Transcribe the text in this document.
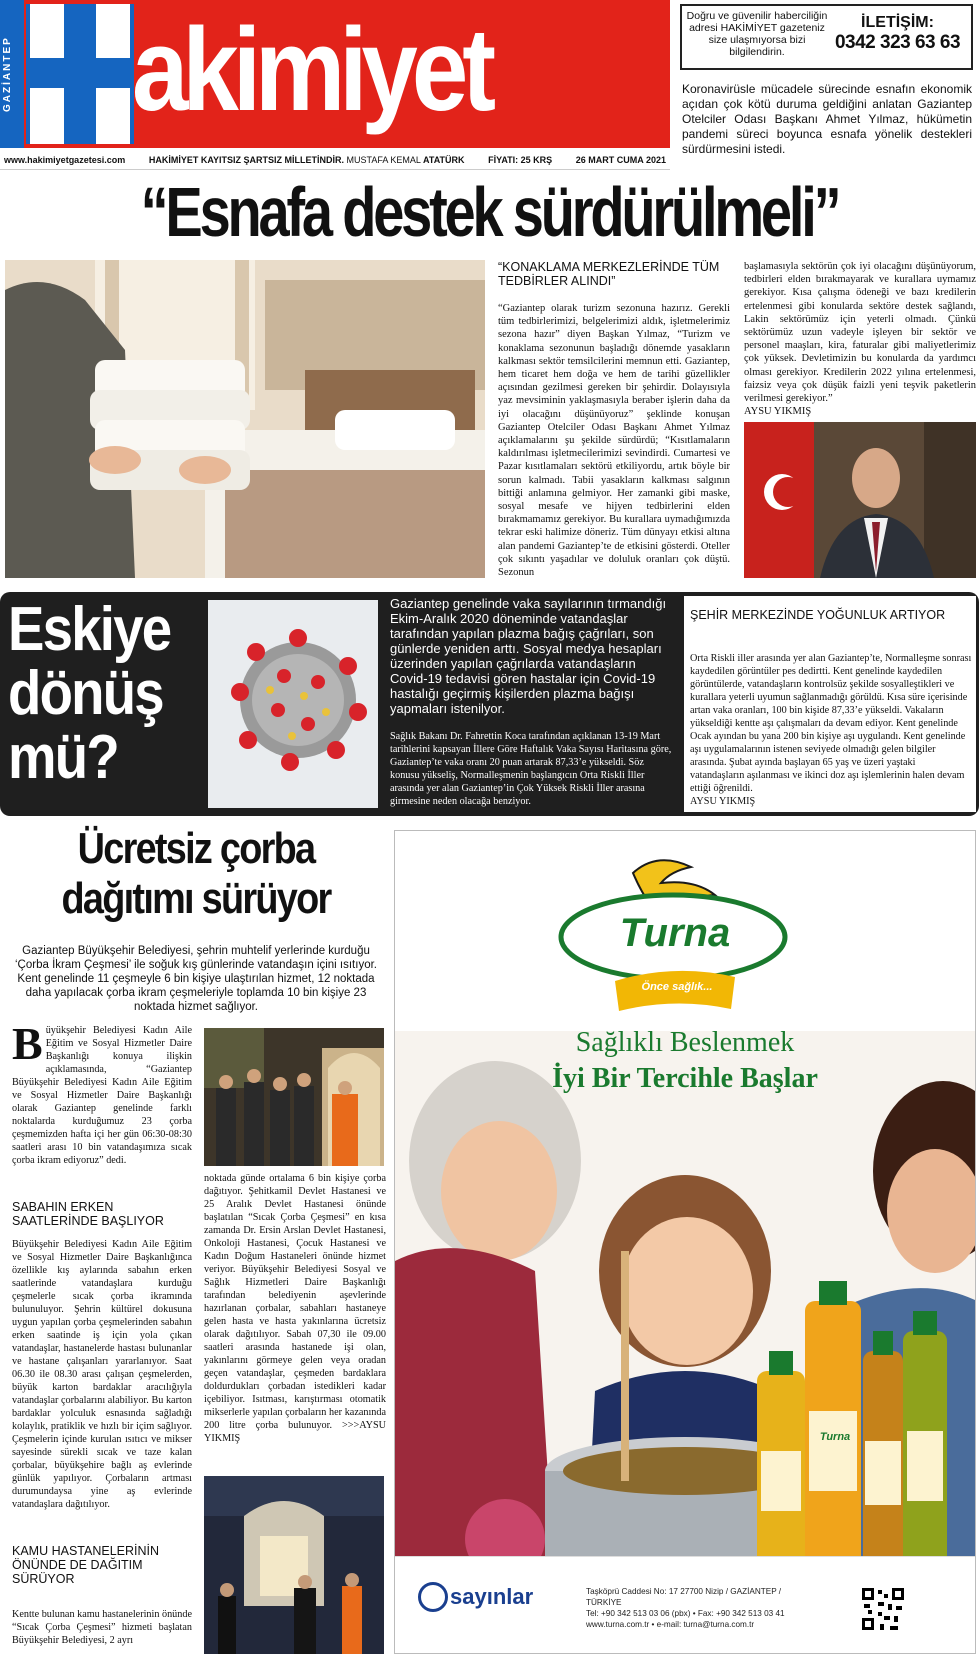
GAZİANTEP akimiyet	Doğru ve güvenilir haberciliğin adresi HAKİMİYET gazeteniz size ulaşmıyorsa bizi bilgilendirin.
İLETİŞİM:
0342 323 63 63
Koronavirüsle mücadele sürecinde esnafın ekonomik açıdan çok kötü duruma geldiğini anlatan Gaziantep Otelciler Odası Başkanı Ahmet Yılmaz, hükümetin pandemi süreci boyunca esnafa yönelik destekleri sürdürmesini istedi.
www.hakimiyetgazetesi.com	HAKİMİYET KAYITSIZ ŞARTSIZ MİLLETİNDİR. MUSTAFA KEMAL ATATÜRK	FİYATI: 25 KRŞ	26 MART CUMA 2021
“Esnafa destek sürdürülmeli”
“KONAKLAMA MERKEZLERİNDE TÜM TEDBİRLER ALINDI”
“Gaziantep olarak turizm sezonuna hazırız. Gerekli tüm tedbirlerimizi, belgelerimizi aldık, işletmelerimiz sezona hazır” diyen Başkan Yılmaz, “Turizm ve konaklama sezonunun başladığı dönemde yasakların kalkması sektör temsilcilerini memnun etti. Gaziantep, hem ticaret hem doğa ve hem de tarihi güzellikler açısından gezilmesi gereken bir şehirdir. Dolayısıyla yaz mevsiminin yaklaşmasıyla beraber işlerin daha da iyi olacağını düşünüyoruz” şeklinde konuşan Gaziantep Otelciler Odası Başkanı Ahmet Yılmaz açıklamalarını şu şekilde sürdürdü; “Kısıtlamaların kaldırılması işletmecilerimizi sevindirdi. Cumartesi ve Pazar kısıtlamaları sektörü etkiliyordu, artık böyle bir sorun kalmadı. Tabii yasakların kalkması salgının bittiği anlamına gelmiyor. Her zamanki gibi maske, sosyal mesafe ve hijyen tedbirlerini elden bırakmamamız gerekiyor. Bu kurallara uymadığımızda tekrar eski halimize döneriz. Tüm dünyayı etkisi altına alan pandemi Gaziantep’te de etkisini gösterdi. Oteller çok sıkıntı yaşadılar ve doluluk oranları çok düştü. Sezonun
başlamasıyla sektörün çok iyi olacağını düşünüyorum, tedbirleri elden bırakmayarak ve kurallara uymamız gerekiyor. Kısa çalışma ödeneği ve bazı kredilerin ertelenmesi gibi konularda sektöre destek sağlandı, Lakin sektörümüz için yeterli olmadı. Çünkü sektörümüz uzun vadeyle işleyen bir sektör ve personel maaşları, kira, faturalar gibi maliyetlerimiz çok yüksek. Devletimizin bu konularda da yardımcı olması gerekiyor. Kredilerin 2022 yılına ertelenmesi, faizsiz veya çok düşük faizli yeni teşvik paketlerin verilmesi gerekiyor.”
AYSU YIKMIŞ
Eskiye
dönüş
mü?
Gaziantep genelinde vaka sayılarının tırmandığı Ekim-Aralık 2020 döneminde vatandaşlar tarafından yapılan plazma bağış çağrıları, son günlerde yeniden arttı. Sosyal medya hesapları üzerinden yapılan çağrılarda vatandaşların Covid-19 tedavisi gören hastalar için Covid-19 hastalığı geçirmiş kişilerden plazma bağışı yapmaları istenilyor.
Sağlık Bakanı Dr. Fahrettin Koca tarafından açıklanan 13-19 Mart tarihlerini kapsayan İllere Göre Haftalık Vaka Sayısı Haritasına göre, Gaziantep’te vaka oranı 20 puan artarak 87,33’e yükseldi. Söz konusu yükseliş, Normalleşmenin başlangıcın Orta Riskli İller arasında yer alan Gaziantep’in Çok Yüksek Riskli İller arasına girmesine neden olacağa benziyor.
ŞEHİR MERKEZİNDE YOĞUNLUK ARTIYOR
Orta Riskli iller arasında yer alan Gaziantep’te, Normalleşme sonrası kaydedilen görüntüler pes dedirtti. Kent genelinde kaydedilen görüntülerde, vatandaşların kontrolsüz şekilde sosyalleştikleri ve kurallara yeterli uyumun sağlanmadığı görüldü. Kısa süre içerisinde artan vaka oranları, 100 bin kişide 87,33’e yükseldi. Vakaların yükseldiği kentte aşı çalışmaları da devam ediyor. Kent genelinde Ocak ayından bu yana 200 bin kişiye aşı uygulandı. Kent genelinde aşı uygulamalarının istenen seviyede olmadığı gelen bilgiler arasında. Şubat ayında başlayan 65 yaş ve üzeri yaştaki vatandaşların aşılanması ve ikinci doz aşı işlemlerinin halen devam ettiği öğrenildi.
AYSU YIKMIŞ
Ücretsiz çorba
dağıtımı sürüyor
Gaziantep Büyükşehir Belediyesi, şehrin muhtelif yerlerinde kurduğu ‘Çorba İkram Çeşmesi’ ile soğuk kış günlerinde vatandaşın içini ısıtıyor. Kent genelinde 11 çeşmeyle 6 bin kişiye ulaştırılan hizmet, 12 noktada daha yapılacak çorba ikram çeşmeleriyle toplamda 10 bin kişiye 23 noktada hizmet sağlıyor.
B üyükşehir Belediyesi Kadın Aile Eğitim ve Sosyal Hizmetler Daire Başkanlığı konuya ilişkin açıklamasında, “Gaziantep Büyükşehir Belediyesi Kadın Aile Eğitim ve Sosyal Hizmetler Daire Başkanlığı olarak Gaziantep genelinde farklı noktalarda kurduğumuz 23 çorba çeşmemizden hafta içi her gün 06:30-08:30 saatleri arası 10 bin vatandaşımıza sıcak çorba ikram ediyoruz” dedi.
SABAHIN ERKEN SAATLERİNDE BAŞLIYOR
Büyükşehir Belediyesi Kadın Aile Eğitim ve Sosyal Hizmetler Daire Başkanlığınca özellikle kış aylarında sabahın erken saatlerinde vatandaşlara kurduğu çeşmelerle sıcak çorba ikramında bulunuluyor. Şehrin kültürel dokusuna uygun yapılan çorba çeşmelerinden sabahın erken saatinde iş için yola çıkan vatandaşlar, hastanelerde hastası bulunanlar ve hastane çalışanları yararlanıyor. Saat 06.30 ile 08.30 arası çalışan çeşmelerden, büyük karton bardaklar aracılığıyla vatandaşlar çorbalarını alabiliyor. Bu karton bardaklar yolculuk esnasında sağladığı kolaylık, pratiklik ve hızlı bir içim sağlıyor. Çeşmelerin içinde kurulan ısıtıcı ve mikser sayesinde sürekli sıcak ve taze kalan çorbalar, büyükşehire bağlı aş evlerinde günlük yapılıyor. Çorbaların artması durumundaysa yine aş evlerinde vatandaşlara dağıtılıyor.
KAMU HASTANELERİNİN ÖNÜNDE DE DAĞITIM SÜRÜYOR
Kentte bulunan kamu hastanelerinin önünde “Sıcak Çorba Çeşmesi” hizmeti başlatan Büyükşehir Belediyesi, 2 ayrı
noktada günde ortalama 6 bin kişiye çorba dağıtıyor. Şehitkamil Devlet Hastanesi ve 25 Aralık Devlet Hastanesi önünde başlatılan “Sıcak Çorba Çeşmesi” en kısa zamanda Dr. Ersin Arslan Devlet Hastanesi, Onkoloji Hastanesi, Çocuk Hastanesi ve Kadın Doğum Hastaneleri önünde hizmet veriyor. Büyükşehir Belediyesi Sosyal ve Sağlık Hizmetleri Daire Başkanlığı tarafından belediyenin aşevlerinde hazırlanan çorbalar, sabahları hastaneye gelen hasta ve hasta yakınlarına ücretsiz olarak dağıtılıyor. Sabah 07,30 ile 09.00 saatleri arasında hastanede işi olan, yakınlarını görmeye gelen veya oradan geçen vatandaşlar, çeşmeden bardaklara doldurdukları çorbadan istedikleri kadar içebiliyor. Isıtması, karıştırması otomatik mikserlerle yapılan çorbaların her kazanında 200 litre çorba bulunuyor. >>>AYSU YIKMIŞ
Turna
Önce sağlık...
Sağlıklı Beslenmek
İyi Bir Tercihle Başlar
Turna
sayınlar	Taşköprü Caddesi No: 17 27700 Nizip / GAZİANTEP / TÜRKİYE
Tel: +90 342 513 03 06 (pbx) • Fax: +90 342 513 03 41
www.turna.com.tr • e-mail: turna@turna.com.tr
